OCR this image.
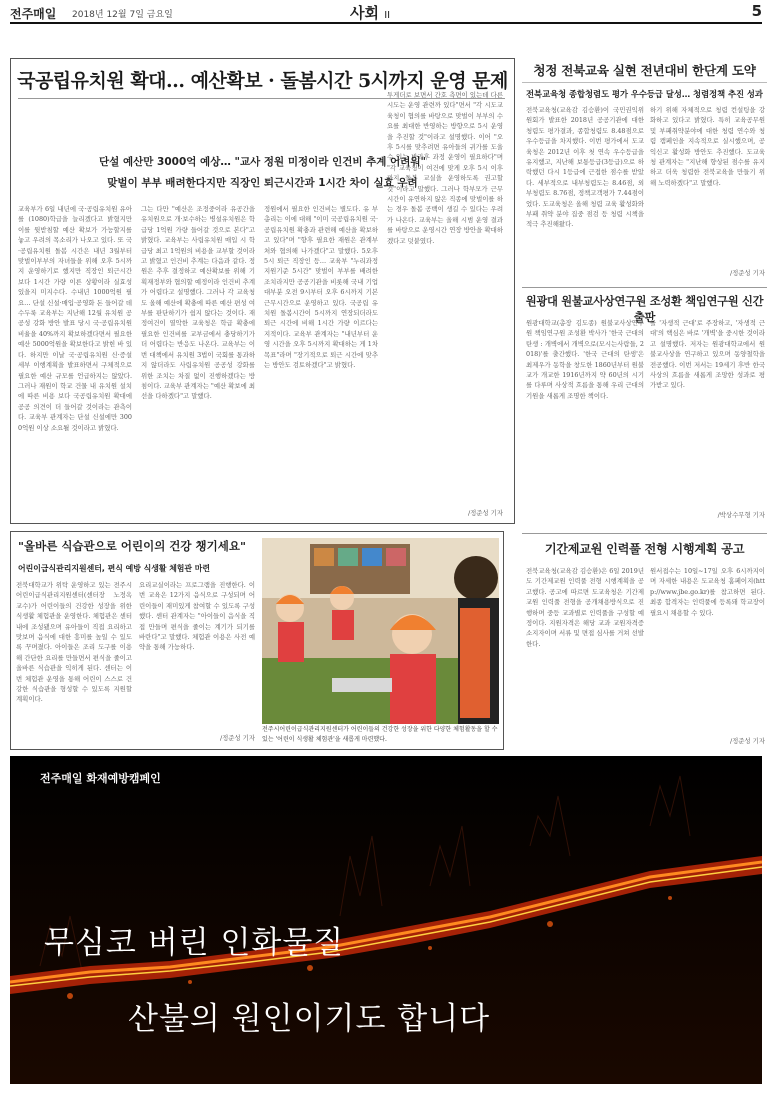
전주매일 2018년 12월 7일 금요일	사회 II	5
국공립유치원 확대… 예산확보 · 돌봄시간 5시까지 운영 문제
단설 예산만 3000억 예상… "교사 정원 미정이라 인건비 추계 어려워"
맞벌이 부부 배려한다지만 직장인 퇴근시간과 1시간 차이 실효 우려
교육부가 6일 내년에 국·공립유치원 유아를 (1080)학급을 늘리겠다고 밝혔지만 이를 뒷받침할 예산 확보가 가능할지를 놓고 우려의 목소리가 나오고 있다. 또 국·공립유치원 돌봄 시간은 내년 3월부터 맞벌이부부의 자녀들을 위해 오후 5시까지 운영하기로 했지만 직장인 퇴근시간 보다 1시간 가량 이른 상황이라 실효성 있을지 미지수다. 수내년 1000억원 필요… 단설 신설·매입·공영화 돈 들어갈 데 수두룩 교육부는 지난해 12월 유치원 공공성 강화 방안 발표 당시 국·공립유치원 비율을 40%까지 확보하겠다면서 필요한 예산 5000억원을 확보한다고 밝힌 바 있다. 하지만 이날 국·공립유치원 신·증설 세부 이행계획을 발표하면서 구체적으로 필요한 예산 규모를 언급하지는 않았다. 그러나 재원이 학교 건물 내 유치원 설치에 따른 비용 보다 국공립유치원 확대에 공공 의견이 더 들어갈 것이라는 관측이다. 교육부 관계자는 단설 신설에만 3000억원 이상 소요될 것이라고 밝혔다.
그는 다만 "예산은 조정중이라 유공간을 유치원으로 개·보수하는 병설유치원은 학급당 1억원 가량 들어갈 것으로 본다"고 밝혔다. 교육부는 사립유치원 매입 시 학급당 최고 1억원의 비용을 교부할 것이라고 밝혔고 인건비 추계는 다음과 같다. 정원은 추후 결정하고 예산확보를 위해 기획재정부와 협의할 예정이라 인건비 추계가 어렵다고 설명했다. 그러나 각 교육청도 올해 예산에 확충에 따른 예산 편성 여부를 판단하기가 쉽지 않다는 것이다. 재정여건이 열악한 교육청은 학급 확충에 필요한 인건비를 교부금에서 충당하기가 더 어렵다는 반응도 나온다. 교육부는 이번 대책에서 유치원 3법이 국회를 통과하지 않더라도 사립유치원 공공성 강화를 위한 조치는 차질 없이 진행하겠다는 방침이다. 교육부 관계자는 "예산 확보에 최선을 다하겠다"고 말했다.
정원에서 필요한 인건비는 별도다. 유 부총리는 이에 대해 "이미 국공립유치원 국·공립유치원 확충과 관련해 예산을 확보하고 있다"며 "향후 필요한 재원은 관계부처와 협의해 나가겠다"고 말했다. 5오후 5시 퇴근 직장인 등… 교육부 "누리과정 지원기준 5시간" 맞벌이 부부를 배려한 조치라지만 공공기관을 비롯해 국내 기업 대부분 오전 9시부터 오후 6시까지 기본 근무시간으로 운영하고 있다. 국공립 유치원 돌봄시간이 5시까지 연장되더라도 퇴근 시간에 비해 1시간 가량 이르다는 지적이다. 교육부 관계자는 "내년부터 운영 시간을 오후 5시까지 확대하는 게 1차 목표"라며 "장기적으로 퇴근 시간에 맞추는 방안도 검토하겠다"고 밝혔다.
투게더로 보면서 간호 측면이 있는데 다른 시도는 운영 관련까 있다"면서 "각 시도교육청이 협의를 바탕으로 맞벌이 부부의 수요를 최대한 반영하는 방향으로 5시 운영을 추진할 것"이라고 설명했다. 이어 "오후 5시를 맞추려면 유아들의 귀가를 도울 수 있는 방과후 과정 운영이 필요하다"며 "각 교육청이 여건에 맞게 오후 5시 이후까지 돌봄 교실을 운영하도록 권고할 것"이라고 말했다. 그러나 학부모가 근무시간이 유연하지 않은 직종에 맞벌이를 하는 경우 돌봄 공백이 생길 수 있다는 우려가 나온다. 교육부는 올해 시범 운영 결과를 바탕으로 운영시간 연장 방안을 확대하겠다고 덧붙였다.
/정준성 기자
청정 전북교육 실현 전년대비 한단계 도약
전북교육청 종합청렴도 평가 우수등급 달성… 청렴정책 추진 성과
전북교육청(교육감 김승환)이 국민권익위원회가 발표한 2018년 공공기관에 대한 청렴도 평가결과, 종합청렴도 8.48점으로 우수등급을 차지했다. 이번 평가에서 도교육청은 2012년 이후 첫 연속 우수등급을 유지했고, 지난해 보통등급(3등급)으로 하락했던 다시 1등급에 근접한 점수를 받았다. 세부적으로 내부청렴도는 8.46점, 외부청렴도 8.76점, 정책고객평가 7.44점이었다. 도교육청은 올해 청렴 교육 활성화와 부패 취약 분야 집중 점검 등 청렴 시책을 적극 추진해왔다.
하기 위해 자체적으로 청렴 컨설팅을 강화하고 있다고 밝혔다. 특히 교육공무원 및 부패취약분야에 대한 청렴 연수와 청렴 캠페인을 지속적으로 실시했으며, 공익신고 활성화 방안도 추진했다. 도교육청 관계자는 "지난해 향상된 점수를 유지하고 더욱 청렴한 전북교육을 만들기 위해 노력하겠다"고 말했다.
/정준성 기자
원광대 원불교사상연구원 조성환 책임연구원 신간 출판
원광대학교(총장 김도종) 원불교사상연구원 책임연구원 조성환 박사가 '한국 근대의 탄생 : 개벽에서 개벽으로(모시는사람들, 2018)'를 출간했다. '한국 근대의 탄생'은 최제우가 동학을 창도한 1860년부터 원불교가 개교한 1916년까지 약 60년의 시기를 다루며 사상적 흐름을 통해 우리 근대의 기원을 새롭게 조명한 책이다.
를 '자생적 근대'로 주장하고, '자생적 근대'의 핵심은 바로 '개벽'을 중시한 것이라고 설명했다. 저자는 원광대학교에서 원불교사상을 연구하고 있으며 동양철학을 전공했다. 이번 저서는 19세기 후반 한국 사상의 흐름을 새롭게 조망한 성과로 평가받고 있다.
/박상수무형 기자
기간제교원 인력풀 전형 시행계획 공고
전북교육청(교육감 김승환)은 6일 2019년도 기간제교원 인력풀 전형 시행계획을 공고했다. 공고에 따르면 도교육청은 기간제 교원 인력풀 전형을 공개채용방식으로 진행하며 중등 교과별로 인력풀을 구성할 예정이다. 지원자격은 해당 교과 교원자격증 소지자이며 서류 및 면접 심사를 거쳐 선발한다.
원서접수는 10일~17일 오후 6시까지이며 자세한 내용은 도교육청 홈페이지(http://www.jbe.go.kr)를 참고하면 된다. 최종 합격자는 인력풀에 등록돼 학교장이 필요시 채용할 수 있다.
/정준성 기자
"올바른 식습관으로 어린이의 건강 챙기세요"
어린이급식관리지원센터, 편식 예방 식생활 체험관 마련
전북대학교가 위탁 운영하고 있는 전주시어린이급식관리지원센터(센터장 노정옥 교수)가 어린이들의 건강한 성장을 위한 식생활 체험관을 운영한다. 체험관은 센터 내에 조성됐으며 유아들이 직접 요리하고 맛보며 음식에 대한 흥미를 높일 수 있도록 꾸며졌다. 아이들은 조리 도구를 이용해 간단한 요리를 만들면서 편식을 줄이고 올바른 식습관을 익히게 된다. 센터는 이번 체험관 운영을 통해 어린이 스스로 건강한 식습관을 형성할 수 있도록 지원할 계획이다.
요리교실이라는 프로그램을 진행한다. 이번 교육은 12가지 음식으로 구성되며 어린이들이 재미있게 참여할 수 있도록 구성했다. 센터 관계자는 "아이들이 음식을 직접 만들며 편식을 줄이는 계기가 되기를 바란다"고 말했다. 체험관 이용은 사전 예약을 통해 가능하다.
/정준성 기자
전주시어린이급식관리지원센터가 어린이들의 건강한 성장을 위한 다양한 체험활동을 할 수 있는 '어린이 식생활 체험관'을 새롭게 마련했다.
전주매일 화재예방캠페인
무심코 버린 인화물질
산불의 원인이기도 합니다
